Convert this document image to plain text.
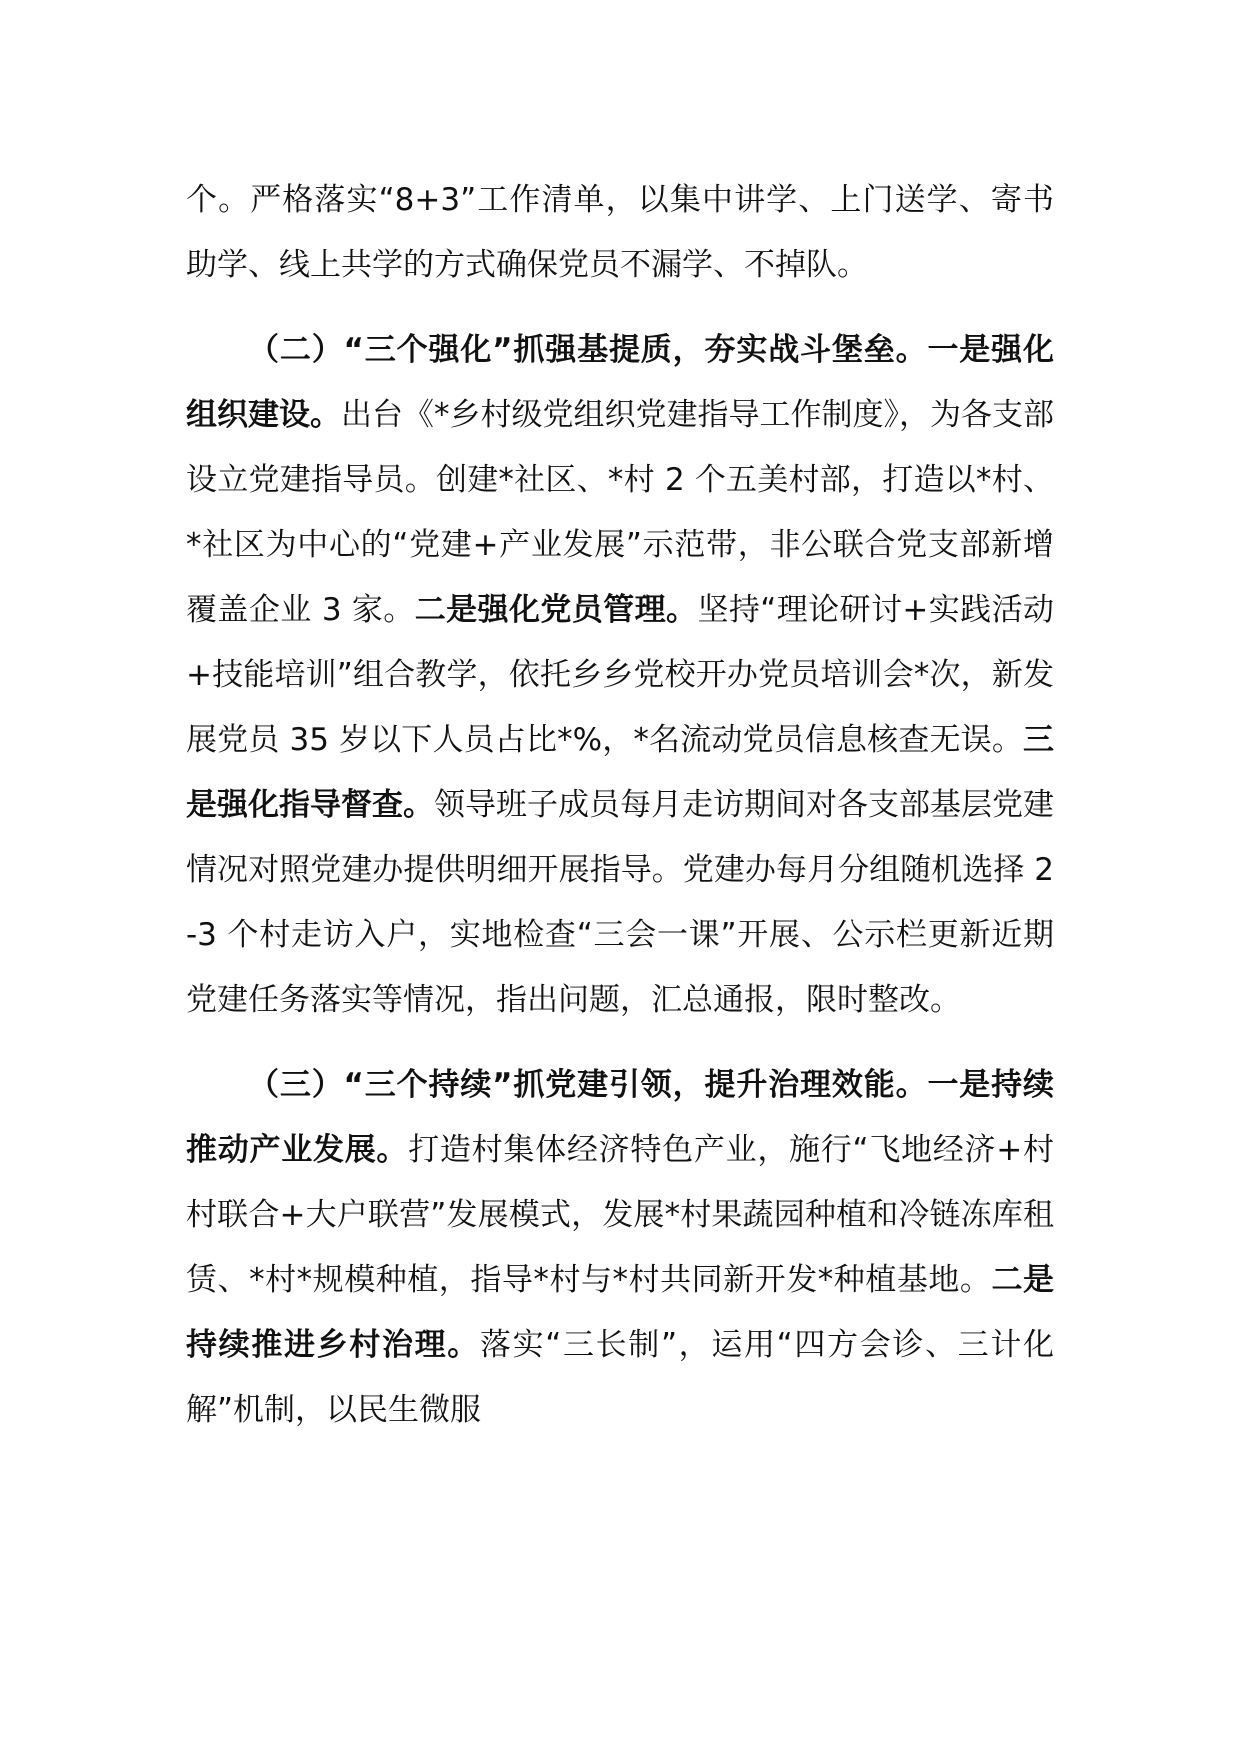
个。严格落实“8+3”工作清单，以集中讲学、上门送学、寄书助学、线上共学的方式确保党员不漏学、不掉队。

（二）“三个强化”抓强基提质，夯实战斗堡垒。一是强化组织建设。出台《*乡村级党组织党建指导工作制度》，为各支部设立党建指导员。创建*社区、*村 2 个五美村部，打造以*村、*社区为中心的“党建+产业发展”示范带，非公联合党支部新增覆盖企业 3 家。二是强化党员管理。坚持“理论研讨+实践活动+技能培训”组合教学，依托乡乡党校开办党员培训会*次，新发展党员 35 岁以下人员占比*%，*名流动党员信息核查无误。三是强化指导督查。领导班子成员每月走访期间对各支部基层党建情况对照党建办提供明细开展指导。党建办每月分组随机选择 2-3 个村走访入户，实地检查“三会一课”开展、公示栏更新近期党建任务落实等情况，指出问题，汇总通报，限时整改。

（三）“三个持续”抓党建引领，提升治理效能。一是持续推动产业发展。打造村集体经济特色产业，施行“飞地经济+村村联合+大户联营”发展模式，发展*村果蔬园种植和冷链冻库租赁、*村*规模种植，指导*村与*村共同新开发*种植基地。二是持续推进乡村治理。落实“三长制”，运用“四方会诊、三计化解”机制，以民生微服
